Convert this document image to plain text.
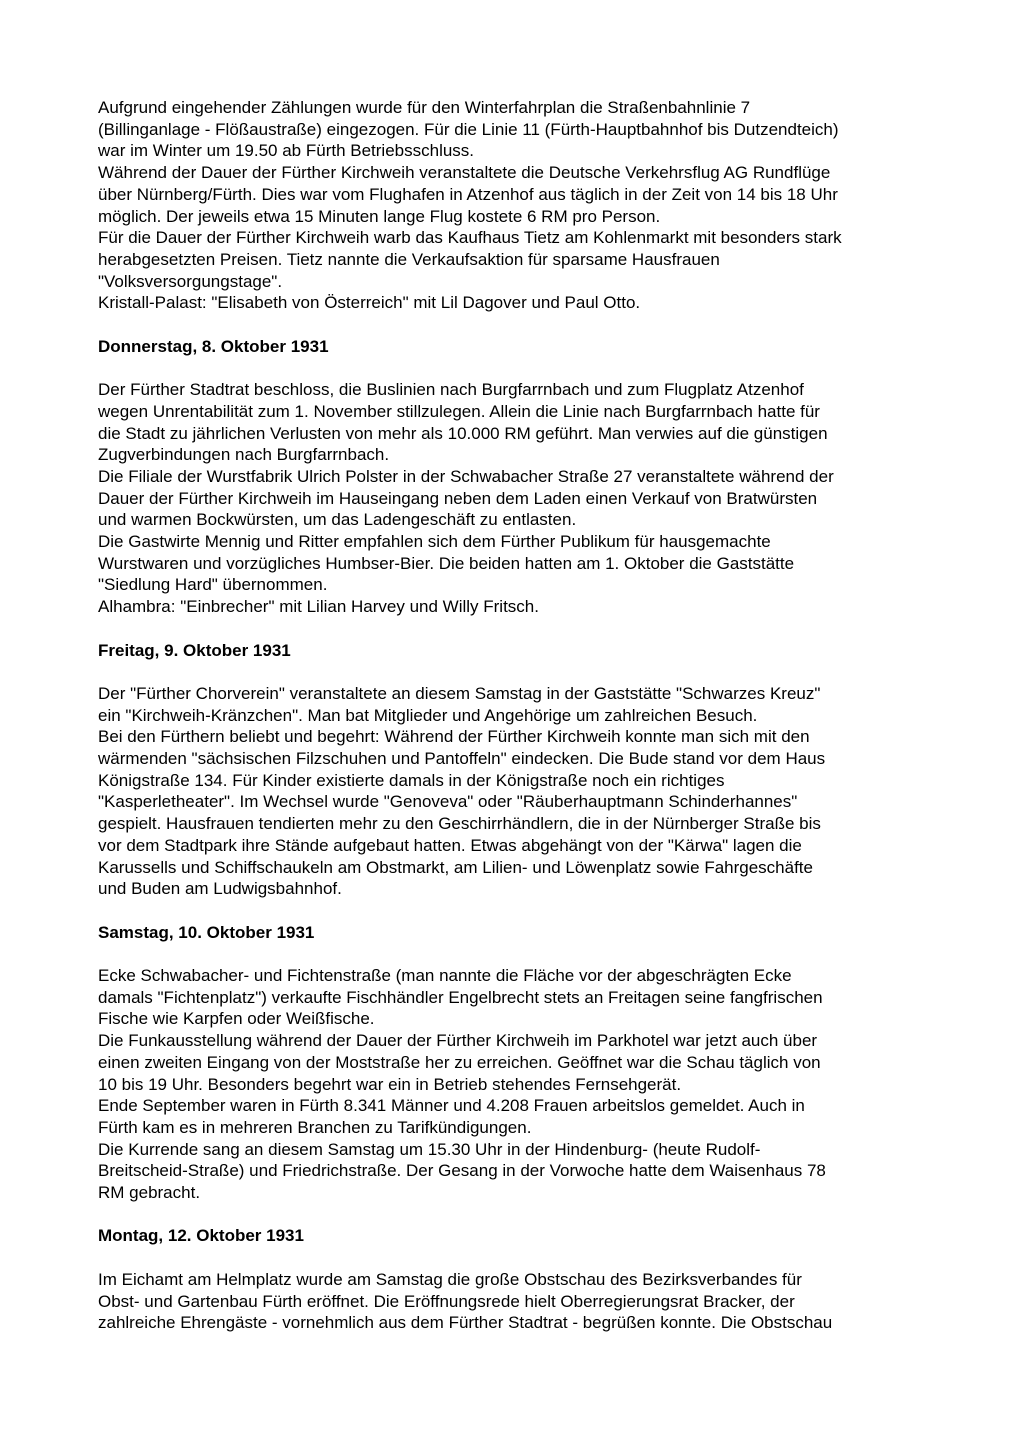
Aufgrund eingehender Zählungen wurde für den Winterfahrplan die Straßenbahnlinie 7
(Billinganlage - Flößaustraße) eingezogen. Für die Linie 11 (Fürth-Hauptbahnhof bis Dutzendteich)
war im Winter um 19.50 ab Fürth Betriebsschluss.
Während der Dauer der Fürther Kirchweih veranstaltete die Deutsche Verkehrsflug AG Rundflüge
über Nürnberg/Fürth. Dies war vom Flughafen in Atzenhof aus täglich in der Zeit von 14 bis 18 Uhr
möglich. Der jeweils etwa 15 Minuten lange Flug kostete 6 RM pro Person.
Für die Dauer der Fürther Kirchweih warb das Kaufhaus Tietz am Kohlenmarkt mit besonders stark
herabgesetzten Preisen. Tietz nannte die Verkaufsaktion für sparsame Hausfrauen
"Volksversorgungstage".
Kristall-Palast: "Elisabeth von Österreich" mit Lil Dagover und Paul Otto.
Donnerstag, 8. Oktober 1931
Der Fürther Stadtrat beschloss, die Buslinien nach Burgfarrnbach und zum Flugplatz Atzenhof
wegen Unrentabilität zum 1. November stillzulegen. Allein die Linie nach Burgfarrnbach hatte für
die Stadt zu jährlichen Verlusten von mehr als 10.000 RM geführt. Man verwies auf die günstigen
Zugverbindungen nach Burgfarrnbach.
Die Filiale der Wurstfabrik Ulrich Polster in der Schwabacher Straße 27 veranstaltete während der
Dauer der Fürther Kirchweih im Hauseingang neben dem Laden einen Verkauf von Bratwürsten
und warmen Bockwürsten, um das Ladengeschäft zu entlasten.
Die Gastwirte Mennig und Ritter empfahlen sich dem Fürther Publikum für hausgemachte
Wurstwaren und vorzügliches Humbser-Bier. Die beiden hatten am 1. Oktober die Gaststätte
"Siedlung Hard" übernommen.
Alhambra: "Einbrecher" mit Lilian Harvey und Willy Fritsch.
Freitag, 9. Oktober 1931
Der "Fürther Chorverein" veranstaltete an diesem Samstag in der Gaststätte "Schwarzes Kreuz"
ein "Kirchweih-Kränzchen". Man bat Mitglieder und Angehörige um zahlreichen Besuch.
Bei den Fürthern beliebt und begehrt: Während der Fürther Kirchweih konnte man sich mit den
wärmenden "sächsischen Filzschuhen und Pantoffeln" eindecken. Die Bude stand vor dem Haus
Königstraße 134. Für Kinder existierte damals in der Königstraße noch ein richtiges
"Kasperletheater". Im Wechsel wurde "Genoveva" oder "Räuberhauptmann Schinderhannes"
gespielt. Hausfrauen tendierten mehr zu den Geschirrhändlern, die in der Nürnberger Straße bis
vor dem Stadtpark ihre Stände aufgebaut hatten. Etwas abgehängt von der "Kärwa" lagen die
Karussells und Schiffschaukeln am Obstmarkt, am Lilien- und Löwenplatz sowie Fahrgeschäfte
und Buden am Ludwigsbahnhof.
Samstag, 10. Oktober 1931
Ecke Schwabacher- und Fichtenstraße (man nannte die Fläche vor der abgeschrägten Ecke
damals "Fichtenplatz") verkaufte Fischhändler Engelbrecht stets an Freitagen seine fangfrischen
Fische wie Karpfen oder Weißfische.
Die Funkausstellung während der Dauer der Fürther Kirchweih im Parkhotel war jetzt auch über
einen zweiten Eingang von der Moststraße her zu erreichen. Geöffnet war die Schau täglich von
10 bis 19 Uhr. Besonders begehrt war ein in Betrieb stehendes Fernsehgerät.
Ende September waren in Fürth 8.341 Männer und 4.208 Frauen arbeitslos gemeldet. Auch in
Fürth kam es in mehreren Branchen zu Tarifkündigungen.
Die Kurrende sang an diesem Samstag um 15.30 Uhr in der Hindenburg- (heute Rudolf-
Breitscheid-Straße) und Friedrichstraße. Der Gesang in der Vorwoche hatte dem Waisenhaus 78
RM gebracht.
Montag, 12. Oktober 1931
Im Eichamt am Helmplatz wurde am Samstag die große Obstschau des Bezirksverbandes für
Obst- und Gartenbau Fürth eröffnet. Die Eröffnungsrede hielt Oberregierungsrat Bracker, der
zahlreiche Ehrengäste - vornehmlich aus dem Fürther Stadtrat - begrüßen konnte. Die Obstschau
